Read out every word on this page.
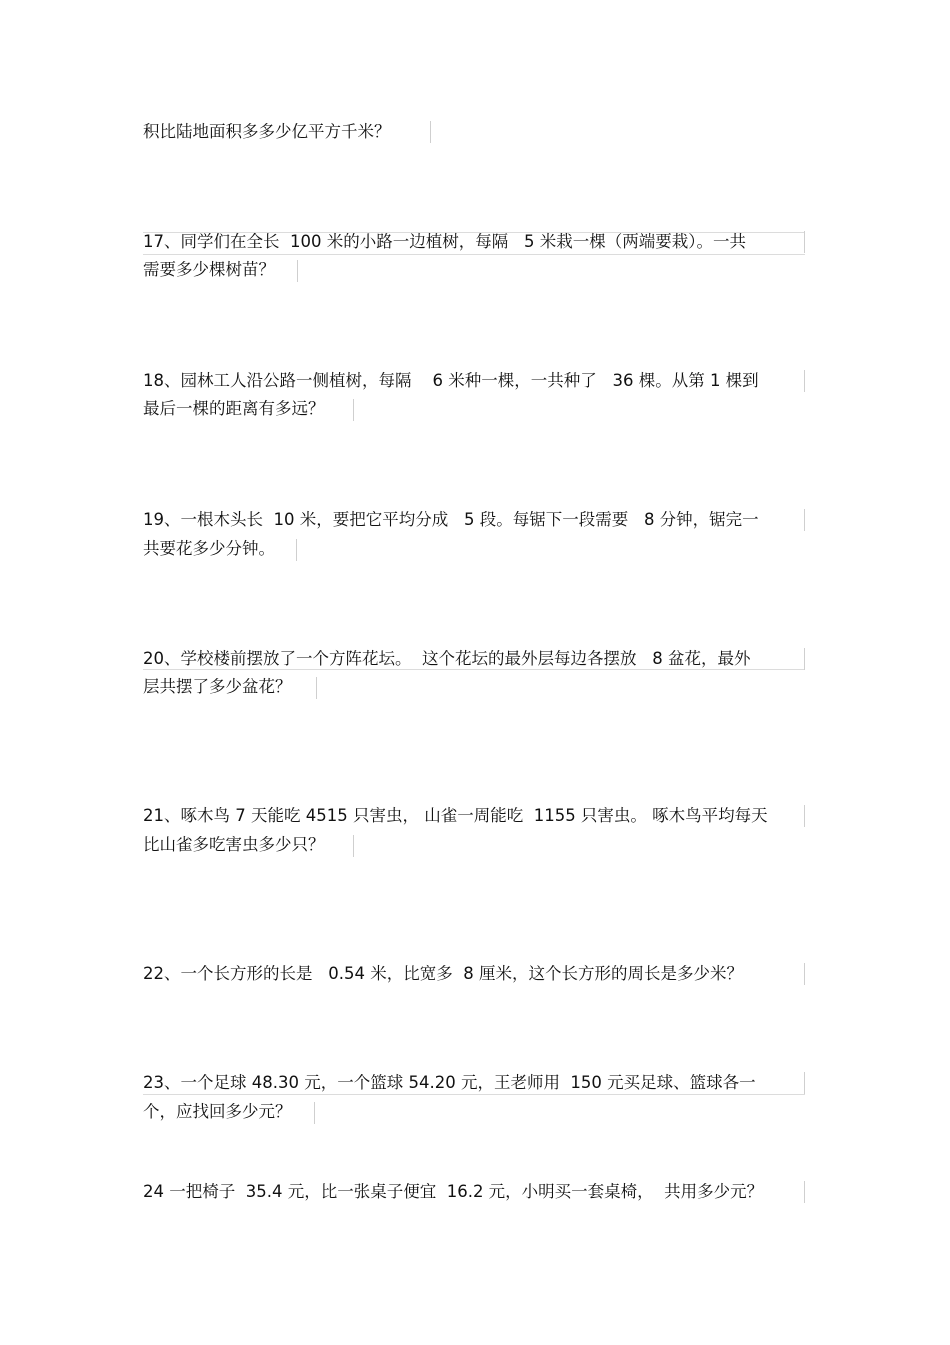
积比陆地面积多多少亿平方千米？
17、同学们在全长  100 米的小路一边植树，每隔   5 米栽一棵（两端要栽）。一共
需要多少棵树苗？
18、园林工人沿公路一侧植树，每隔    6 米种一棵，一共种了   36 棵。从第 1 棵到
最后一棵的距离有多远？
19、一根木头长  10 米，要把它平均分成   5 段。每锯下一段需要   8 分钟，锯完一
共要花多少分钟。
20、学校楼前摆放了一个方阵花坛。  这个花坛的最外层每边各摆放   8 盆花，最外
层共摆了多少盆花？
21、啄木鸟 7 天能吃 4515 只害虫， 山雀一周能吃  1155 只害虫。 啄木鸟平均每天
比山雀多吃害虫多少只？
22、一个长方形的长是   0.54 米，比宽多  8 厘米，这个长方形的周长是多少米？
23、一个足球 48.30 元，一个篮球 54.20 元，王老师用  150 元买足球、篮球各一
个，应找回多少元？
24 一把椅子  35.4 元，比一张桌子便宜  16.2 元，小明买一套桌椅，  共用多少元？
